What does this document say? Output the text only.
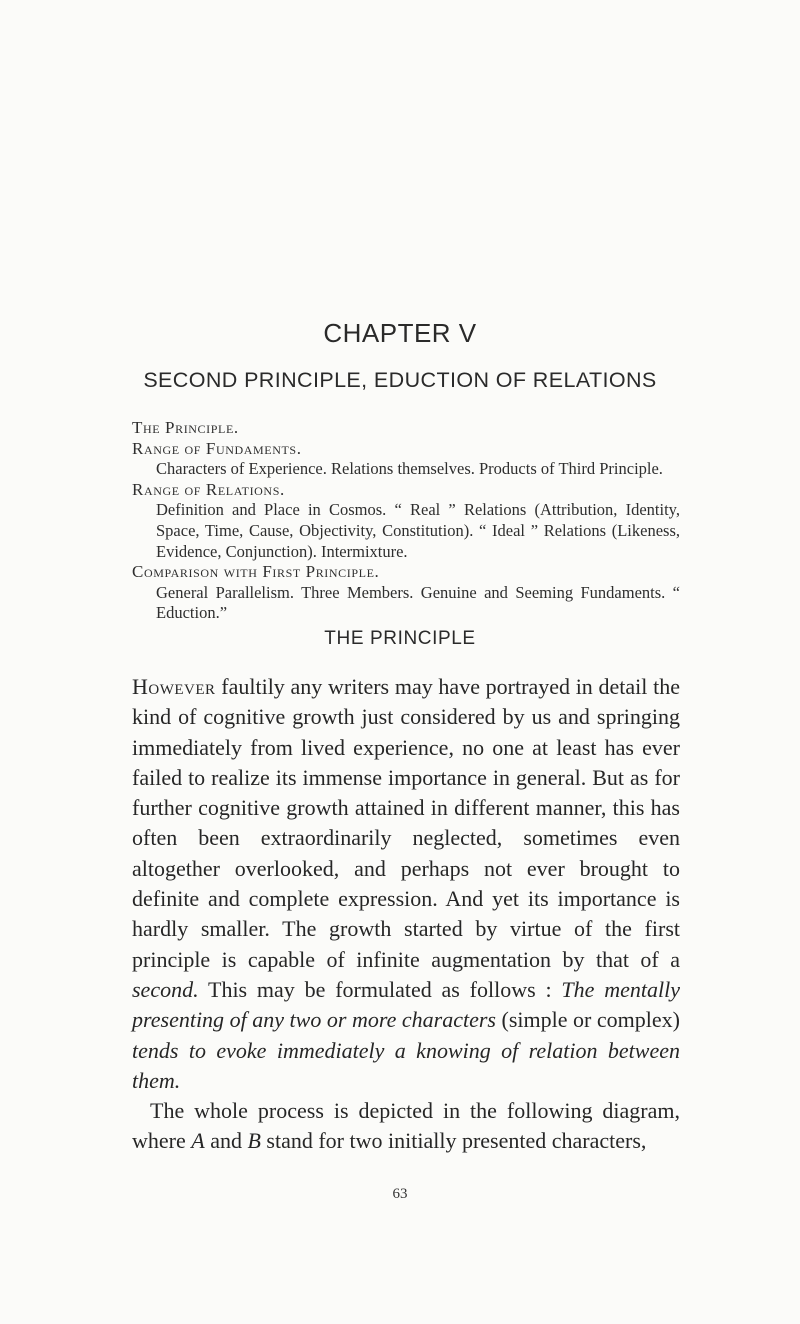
CHAPTER V
SECOND PRINCIPLE, EDUCTION OF RELATIONS
The Principle.
Range of Fundaments.
Characters of Experience. Relations themselves. Products of Third Principle.
Range of Relations.
Definition and Place in Cosmos. “ Real ” Relations (Attribution, Identity, Space, Time, Cause, Objectivity, Constitution). “ Ideal ” Relations (Likeness, Evidence, Conjunction). Intermixture.
Comparison with First Principle.
General Parallelism. Three Members. Genuine and Seeming Fundaments. “ Eduction.”
THE PRINCIPLE

However faultily any writers may have portrayed in detail the kind of cognitive growth just considered by us and springing immediately from lived experience, no one at least has ever failed to realize its immense importance in general. But as for further cognitive growth attained in different manner, this has often been extraordinarily neglected, sometimes even altogether overlooked, and perhaps not ever brought to definite and complete expression. And yet its importance is hardly smaller. The growth started by virtue of the first principle is capable of infinite augmentation by that of a second. This may be formulated as follows : The mentally presenting of any two or more characters (simple or complex) tends to evoke immediately a knowing of relation between them.

The whole process is depicted in the following diagram, where A and B stand for two initially presented characters,

63
